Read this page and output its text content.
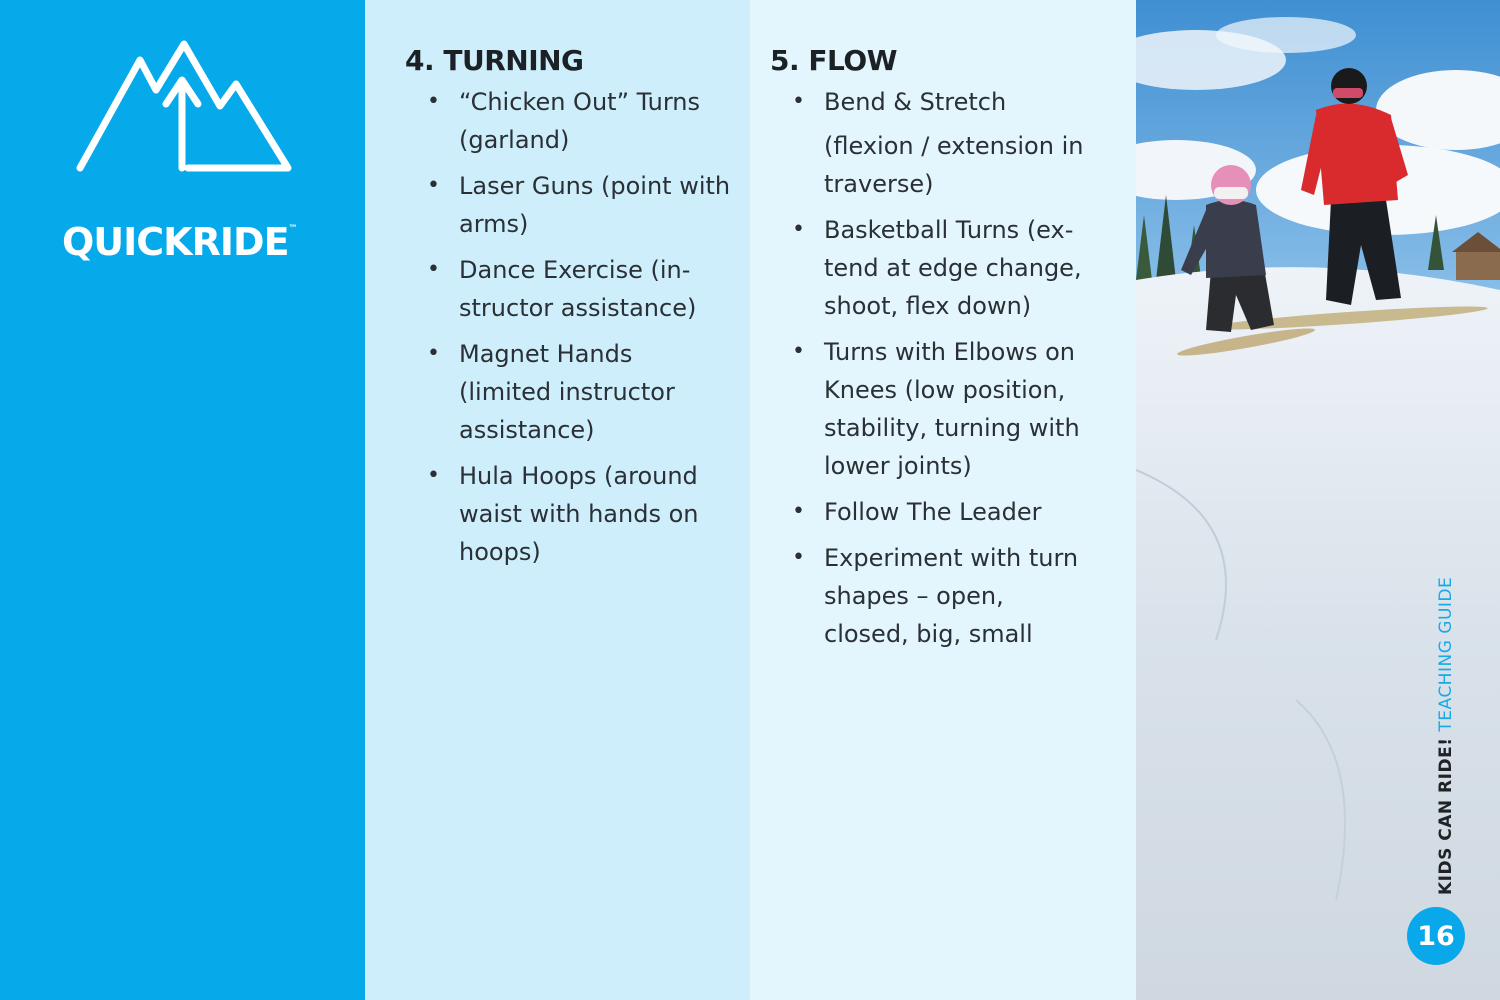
QUICKRIDE™
4. TURNING
• “Chicken Out” Turns (garland)
• Laser Guns (point with arms)
• Dance Exercise (in-structor assistance)
• Magnet Hands (limited instructor assistance)
• Hula Hoops (around waist with hands on hoops)
5. FLOW
• Bend & Stretch
(flexion / extension in traverse)
• Basketball Turns (ex-tend at edge change, shoot, flex down)
• Turns with Elbows on Knees (low position, stability, turning with lower joints)
• Follow The Leader
• Experiment with turn shapes – open, closed, big, small
KIDS CAN RIDE! TEACHING GUIDE
16
